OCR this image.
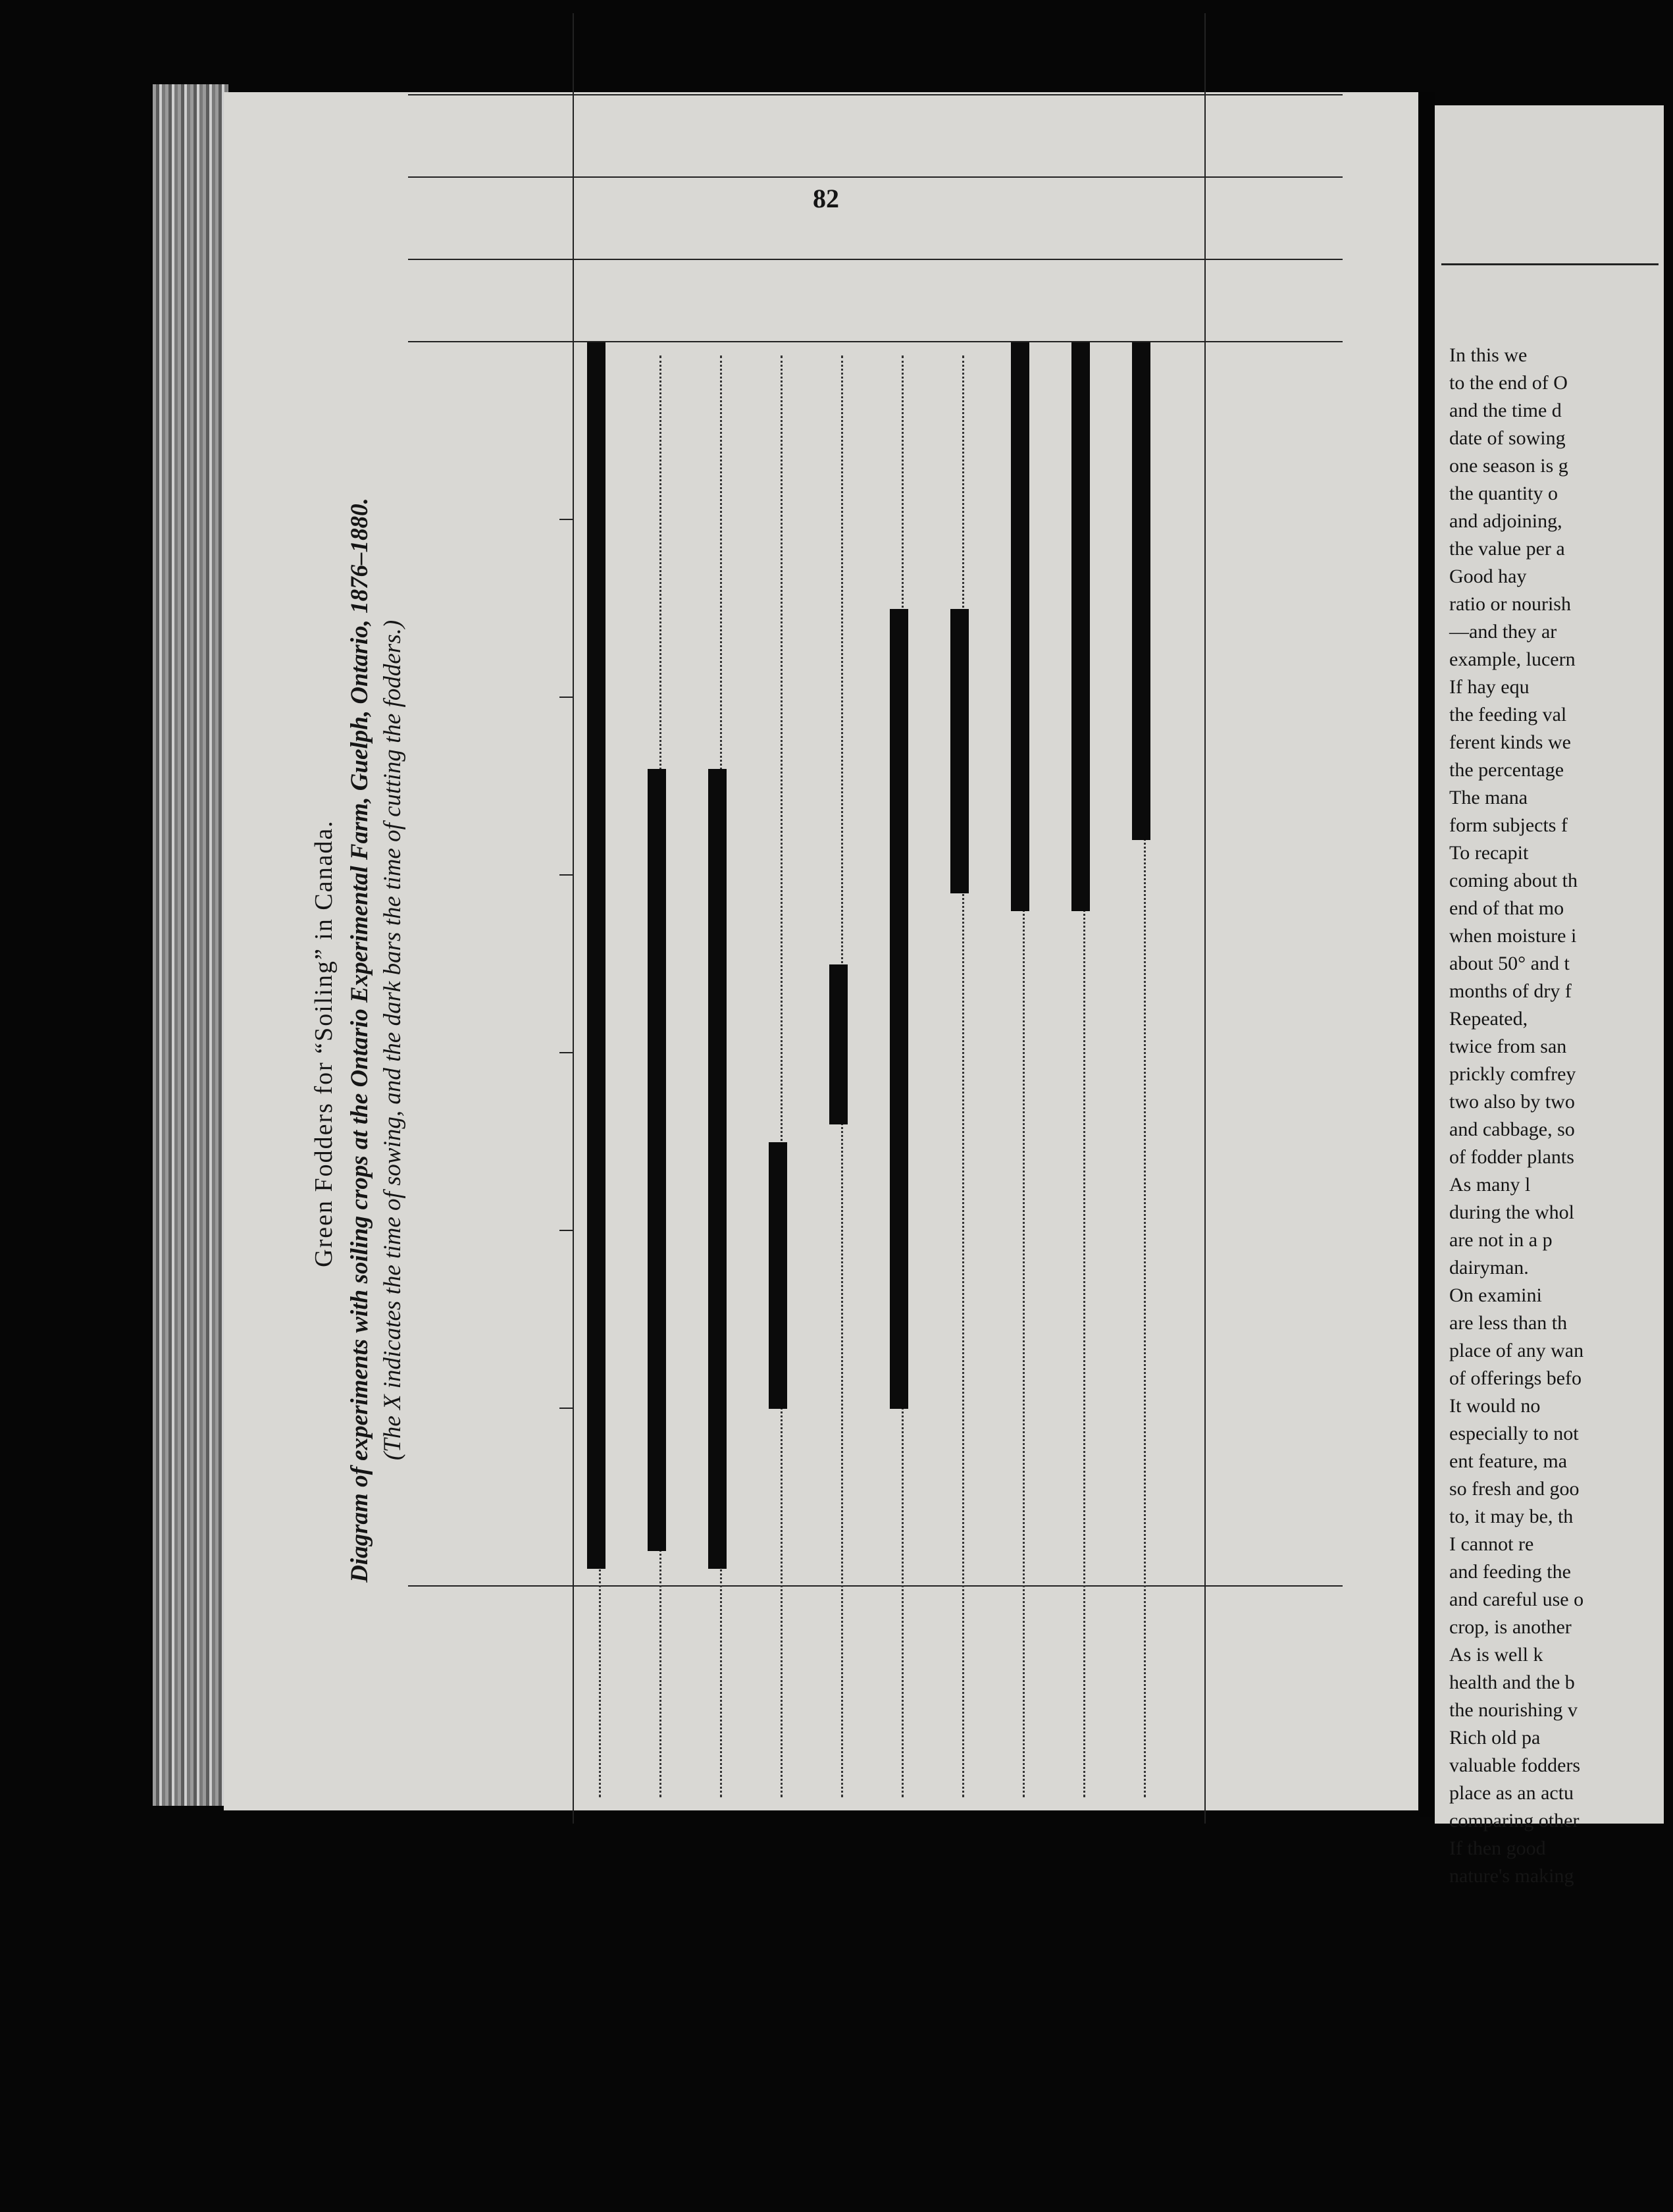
82
Green Fodders for “Soiling” in Canada. Diagram of experiments with soiling crops at the Ontario Experimental Farm, Guelph, Ontario, 1876–1880. (The X indicates the time of sowing, and the dark bars the time of cutting the fodders.)
In this we
to the end of O
and the time d
date of sowing
one season is g
the quantity o
and adjoining,
the value per a
Good hay
ratio or nourish
—and they ar
example, lucern
If hay equ
the feeding val
ferent kinds we
the percentage
The mana
form subjects f
To recapit
coming about th
end of that mo
when moisture i
about 50° and t
months of dry f
Repeated,
twice from san
prickly comfrey
two also by two
and cabbage, so
of fodder plants
As many l
during the whol
are not in a p
dairyman.
On examini
are less than th
place of any wan
of offerings befo
It would no
especially to not
ent feature, ma
so fresh and goo
to, it may be, th
I cannot re
and feeding the
and careful use o
crop, is another
As is well k
health and the b
the nourishing v
Rich old pa
valuable fodders
place as an actu
comparing other
If then good
nature's making
